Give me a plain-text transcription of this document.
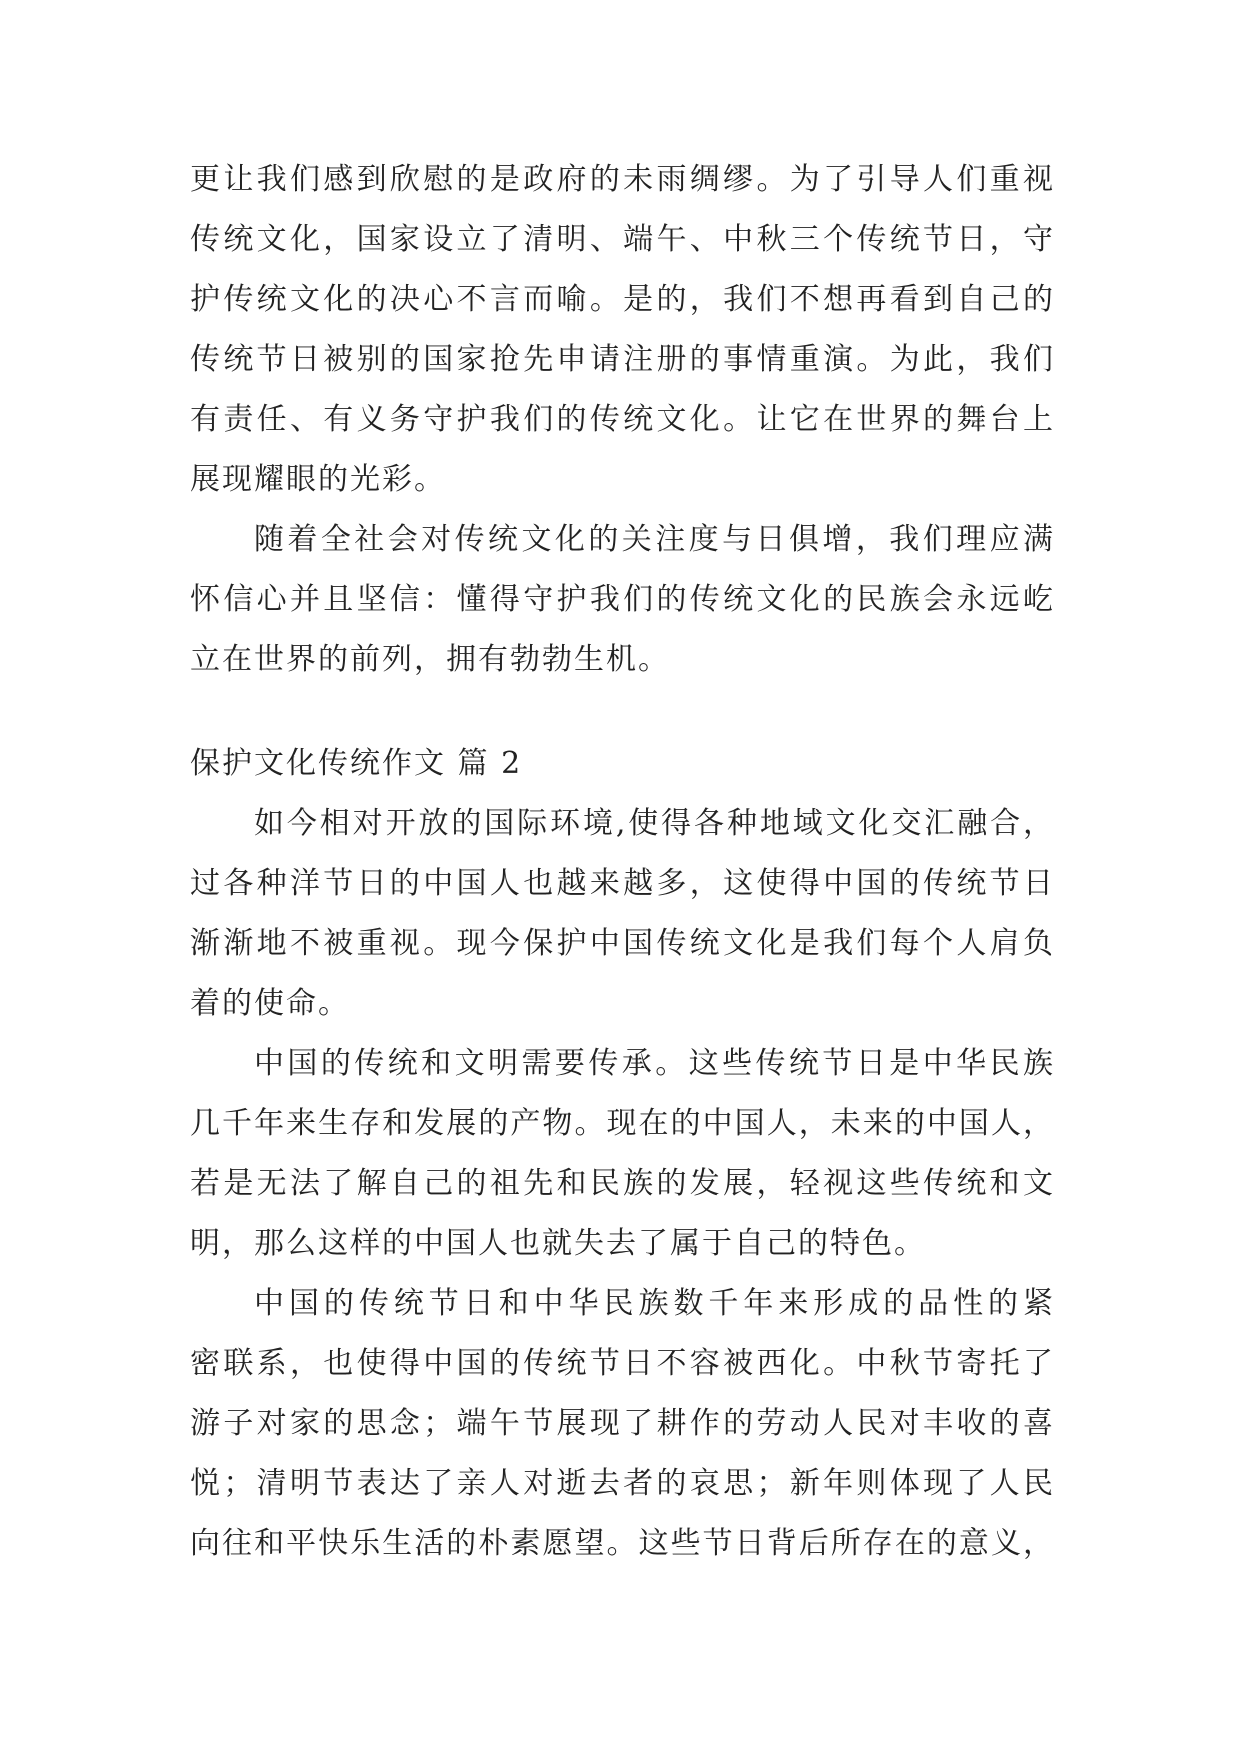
更让我们感到欣慰的是政府的未雨绸缪。为了引导人们重视
传统文化，国家设立了清明、端午、中秋三个传统节日，守
护传统文化的决心不言而喻。是的，我们不想再看到自己的
传统节日被别的国家抢先申请注册的事情重演。为此，我们
有责任、有义务守护我们的传统文化。让它在世界的舞台上
展现耀眼的光彩。
随着全社会对传统文化的关注度与日俱增，我们理应满
怀信心并且坚信：懂得守护我们的传统文化的民族会永远屹
立在世界的前列，拥有勃勃生机。
保护文化传统作文 篇 2
如今相对开放的国际环境,使得各种地域文化交汇融合，
过各种洋节日的中国人也越来越多，这使得中国的传统节日
渐渐地不被重视。现今保护中国传统文化是我们每个人肩负
着的使命。
中国的传统和文明需要传承。这些传统节日是中华民族
几千年来生存和发展的产物。现在的中国人，未来的中国人，
若是无法了解自己的祖先和民族的发展，轻视这些传统和文
明，那么这样的中国人也就失去了属于自己的特色。
中国的传统节日和中华民族数千年来形成的品性的紧
密联系，也使得中国的传统节日不容被西化。中秋节寄托了
游子对家的思念；端午节展现了耕作的劳动人民对丰收的喜
悦；清明节表达了亲人对逝去者的哀思；新年则体现了人民
向往和平快乐生活的朴素愿望。这些节日背后所存在的意义，
